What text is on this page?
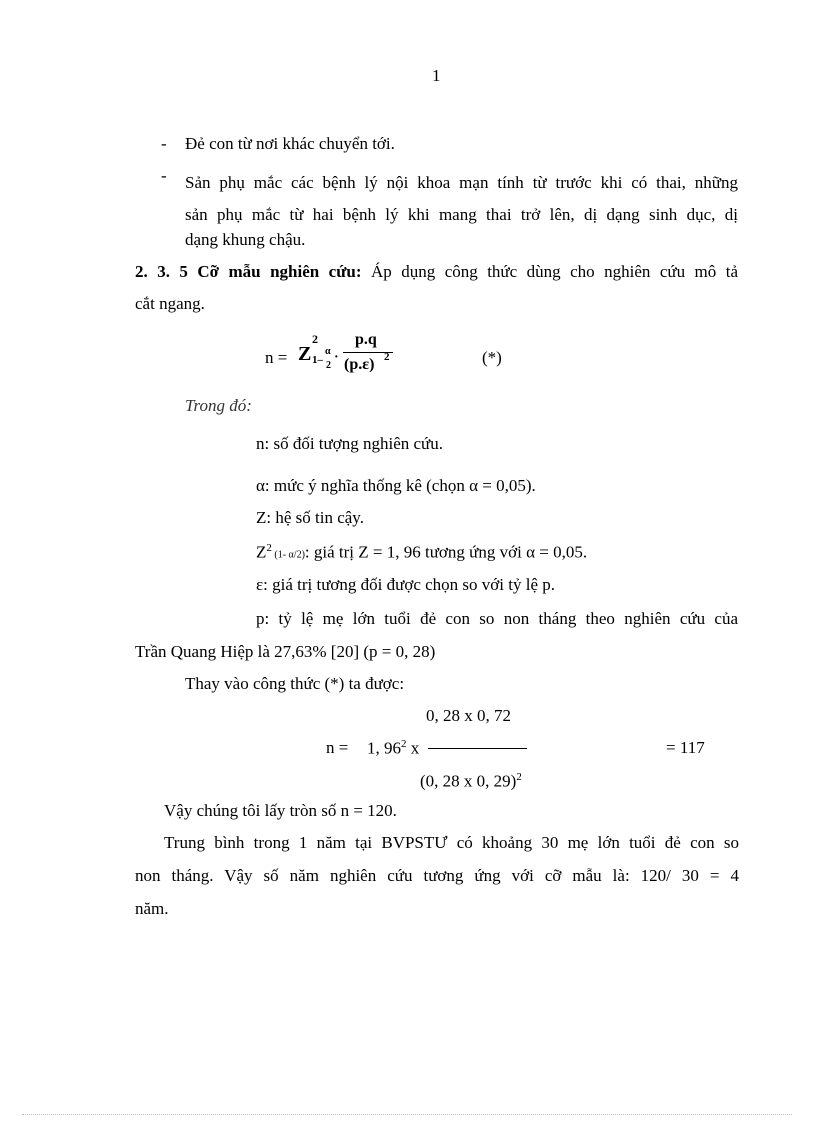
1
-	Đẻ con từ nơi khác chuyển tới.
-	Sản phụ mắc các bệnh lý nội khoa mạn tính từ trước khi có thai, những
sản phụ mắc từ hai bệnh lý khi mang thai trở lên, dị dạng sinh dục, dị
dạng khung chậu.
2. 3. 5 Cỡ mẫu nghiên cứu: Áp dụng công thức dùng cho nghiên cứu mô tả
cắt ngang.
n = Z
2
1–
α
2
·
p.q
(p.ε) 2	(*)
Trong đó:
n: số đối tượng nghiên cứu.
α: mức ý nghĩa thống kê (chọn α = 0,05).
Z: hệ số tin cậy.
$Z^2$ (1- α/2): giá trị Z = 1, 96 tương ứng với α = 0,05.
ε: giá trị tương đối được chọn so với tỷ lệ p.
p: tỷ lệ mẹ lớn tuổi đẻ con so non tháng theo nghiên cứu của
Trần Quang Hiệp là 27,63% [20] (p = 0, 28)
Thay vào công thức (*) ta được:
0, 28 x 0, 72
n = 1, $96^2$ x
(0, 28 x 0, 29)$^2$
= 117
Vậy chúng tôi lấy tròn số n = 120.
Trung bình trong 1 năm tại BVPSTƯ có khoảng 30 mẹ lớn tuổi đẻ con so
non tháng. Vậy số năm nghiên cứu tương ứng với cỡ mẫu là: 120/ 30 = 4
năm.
